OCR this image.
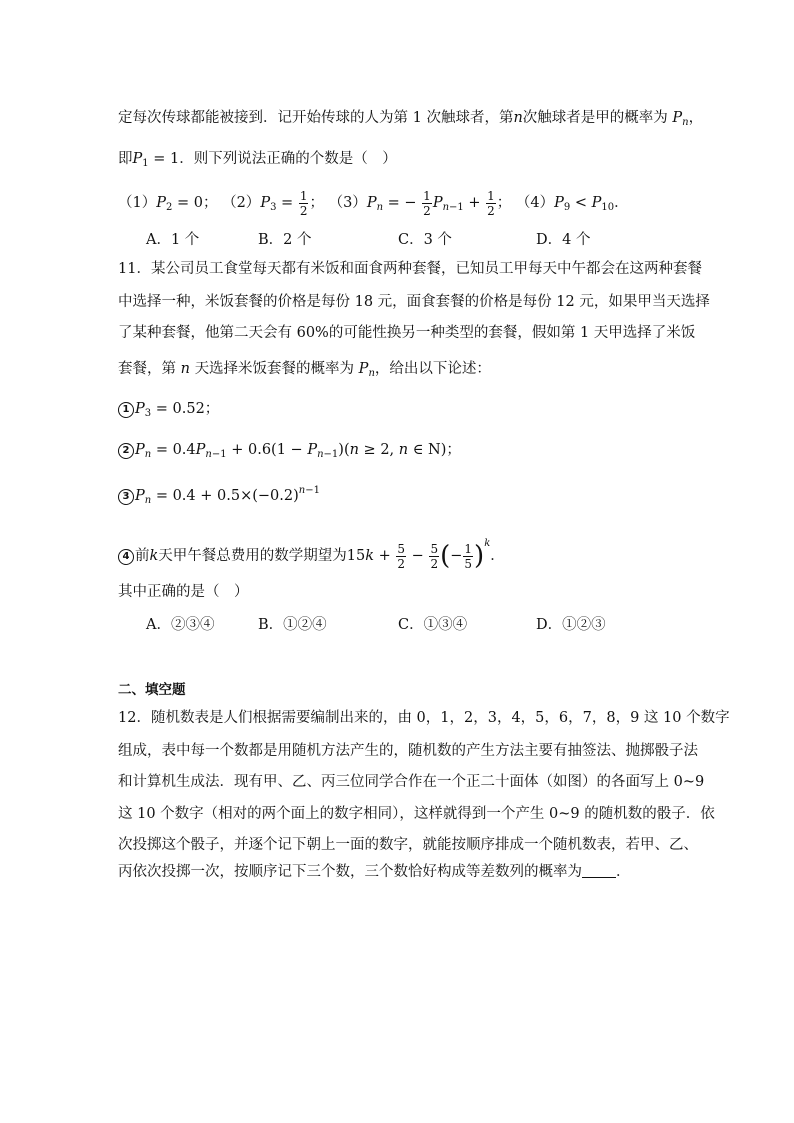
定每次传球都能被接到．记开始传球的人为第 1 次触球者，第n次触球者是甲的概率为 $P_n$，
即$P_1 = 1$．则下列说法正确的个数是（　）
$(1)P_2 = 0$； $(2)P_3 = \frac{1}{2}$ ； $(3)P_n$ = − $\frac{1}{2} P_{n-1} + \frac{1}{2}$ ； $(4)P_9 < P_{10}$．
A．1 个	B．2 个	C．3 个	D．4 个
11．某公司员工食堂每天都有米饭和面食两种套餐，已知员工甲每天中午都会在这两种套餐
中选择一种，米饭套餐的价格是每份 18 元，面食套餐的价格是每份 12 元，如果甲当天选择
了某种套餐，他第二天会有 60%的可能性换另一种类型的套餐，假如第 1 天甲选择了米饭
套餐，第 n 天选择米饭套餐的概率为 $P_n$，给出以下论述：
1 $P_3 = 0.52$；
2 $P_n = 0.4P_{n-1} + 0.6(1 - P_{n-1})(n \ge 2$, n ∈ N)；
3 $P_n = 0.4 + 0.5\times(-0.2)^{n-1}$
4 前k天甲午餐总费用的数学期望为$15k + \frac{5}{2} - \frac{5}{2}$ (− $\frac{1}{5} )^k$．
其中正确的是（　）
A．②③④	B．①②④	C．①③④	D．①②③
二、填空题
12．随机数表是人们根据需要编制出来的，由 0，1，2，3，4，5，6，7，8，9 这 10 个数字
组成，表中每一个数都是用随机方法产生的，随机数的产生方法主要有抽签法、抛掷骰子法
和计算机生成法．现有甲、乙、丙三位同学合作在一个正二十面体（如图）的各面写上 0~9
这 10 个数字（相对的两个面上的数字相同），这样就得到一个产生 0~9 的随机数的骰子．依
次投掷这个骰子，并逐个记下朝上一面的数字，就能按顺序排成一个随机数表，若甲、乙、
丙依次投掷一次，按顺序记下三个数，三个数恰好构成等差数列的概率为 ．
